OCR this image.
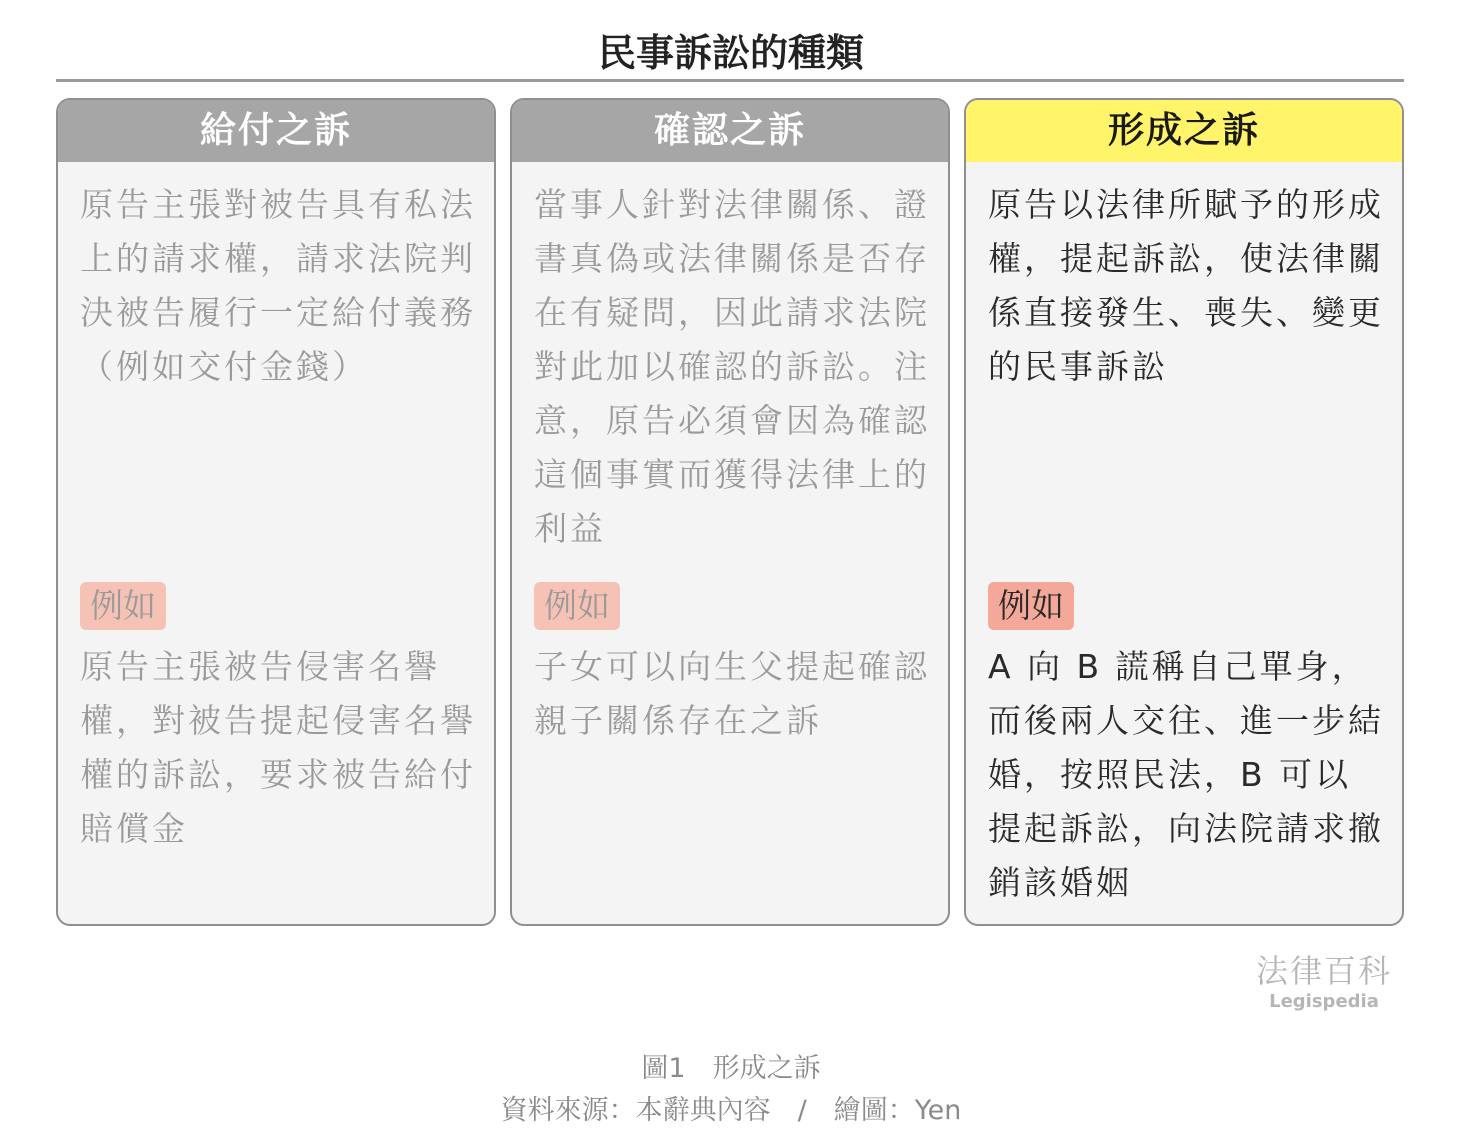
民事訴訟的種類
給付之訴
原告主張對被告具有私法上的請求權，請求法院判決被告履行一定給付義務（例如交付金錢）
例如
原告主張被告侵害名譽權，對被告提起侵害名譽權的訴訟，要求被告給付賠償金
確認之訴
當事人針對法律關係、證書真偽或法律關係是否存在有疑問，因此請求法院對此加以確認的訴訟。注意，原告必須會因為確認這個事實而獲得法律上的利益
例如
子女可以向生父提起確認親子關係存在之訴
形成之訴
原告以法律所賦予的形成權，提起訴訟，使法律關係直接發生、喪失、變更的民事訴訟
例如
A 向 B 謊稱自己單身，而後兩人交往、進一步結婚，按照民法，B 可以提起訴訟，向法院請求撤銷該婚姻
法律百科
Legispedia
圖1　形成之訴
資料來源：本辭典內容　/　繪圖：Yen
